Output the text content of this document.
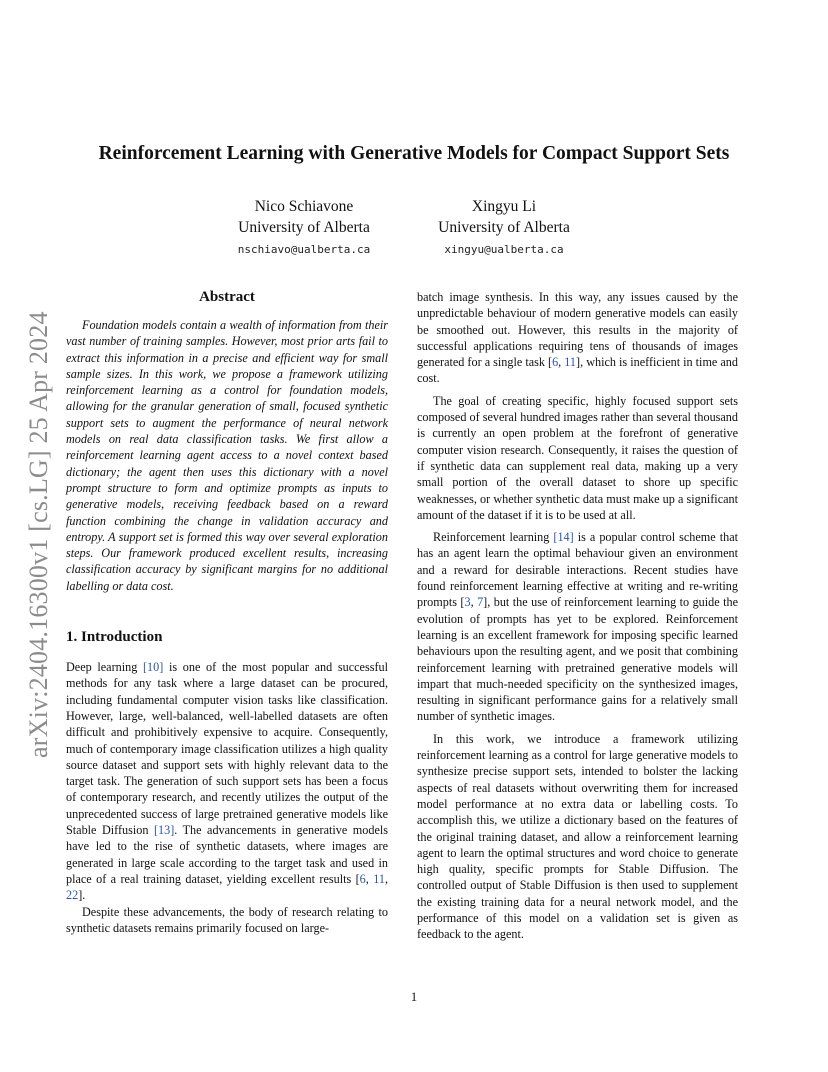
arXiv:2404.16300v1 [cs.LG] 25 Apr 2024
Reinforcement Learning with Generative Models for Compact Support Sets
Nico Schiavone
University of Alberta
nschiavo@ualberta.ca
Xingyu Li
University of Alberta
xingyu@ualberta.ca
Abstract

Foundation models contain a wealth of information from their vast number of training samples. However, most prior arts fail to extract this information in a precise and efficient way for small sample sizes. In this work, we propose a framework utilizing reinforcement learning as a control for foundation models, allowing for the granular generation of small, focused synthetic support sets to augment the performance of neural network models on real data classification tasks. We first allow a reinforcement learning agent access to a novel context based dictionary; the agent then uses this dictionary with a novel prompt structure to form and optimize prompts as inputs to generative models, receiving feedback based on a reward function combining the change in validation accuracy and entropy. A support set is formed this way over several exploration steps. Our framework produced excellent results, increasing classification accuracy by significant margins for no additional labelling or data cost.

1. Introduction

Deep learning [10] is one of the most popular and successful methods for any task where a large dataset can be procured, including fundamental computer vision tasks like classification. However, large, well-balanced, well-labelled datasets are often difficult and prohibitively expensive to acquire. Consequently, much of contemporary image classification utilizes a high quality source dataset and support sets with highly relevant data to the target task. The generation of such support sets has been a focus of contemporary research, and recently utilizes the output of the unprecedented success of large pretrained generative models like Stable Diffusion [13]. The advancements in generative models have led to the rise of synthetic datasets, where images are generated in large scale according to the target task and used in place of a real training dataset, yielding excellent results [6, 11, 22].

Despite these advancements, the body of research relating to synthetic datasets remains primarily focused on large-

batch image synthesis. In this way, any issues caused by the unpredictable behaviour of modern generative models can easily be smoothed out. However, this results in the majority of successful applications requiring tens of thousands of images generated for a single task [6, 11], which is inefficient in time and cost.

The goal of creating specific, highly focused support sets composed of several hundred images rather than several thousand is currently an open problem at the forefront of generative computer vision research. Consequently, it raises the question of if synthetic data can supplement real data, making up a very small portion of the overall dataset to shore up specific weaknesses, or whether synthetic data must make up a significant amount of the dataset if it is to be used at all.

Reinforcement learning [14] is a popular control scheme that has an agent learn the optimal behaviour given an environment and a reward for desirable interactions. Recent studies have found reinforcement learning effective at writing and re-writing prompts [3, 7], but the use of reinforcement learning to guide the evolution of prompts has yet to be explored. Reinforcement learning is an excellent framework for imposing specific learned behaviours upon the resulting agent, and we posit that combining reinforcement learning with pretrained generative models will impart that much-needed specificity on the synthesized images, resulting in significant performance gains for a relatively small number of synthetic images.

In this work, we introduce a framework utilizing reinforcement learning as a control for large generative models to synthesize precise support sets, intended to bolster the lacking aspects of real datasets without overwriting them for increased model performance at no extra data or labelling costs. To accomplish this, we utilize a dictionary based on the features of the original training dataset, and allow a reinforcement learning agent to learn the optimal structures and word choice to generate high quality, specific prompts for Stable Diffusion. The controlled output of Stable Diffusion is then used to supplement the existing training data for a neural network model, and the performance of this model on a validation set is given as feedback to the agent.

1
